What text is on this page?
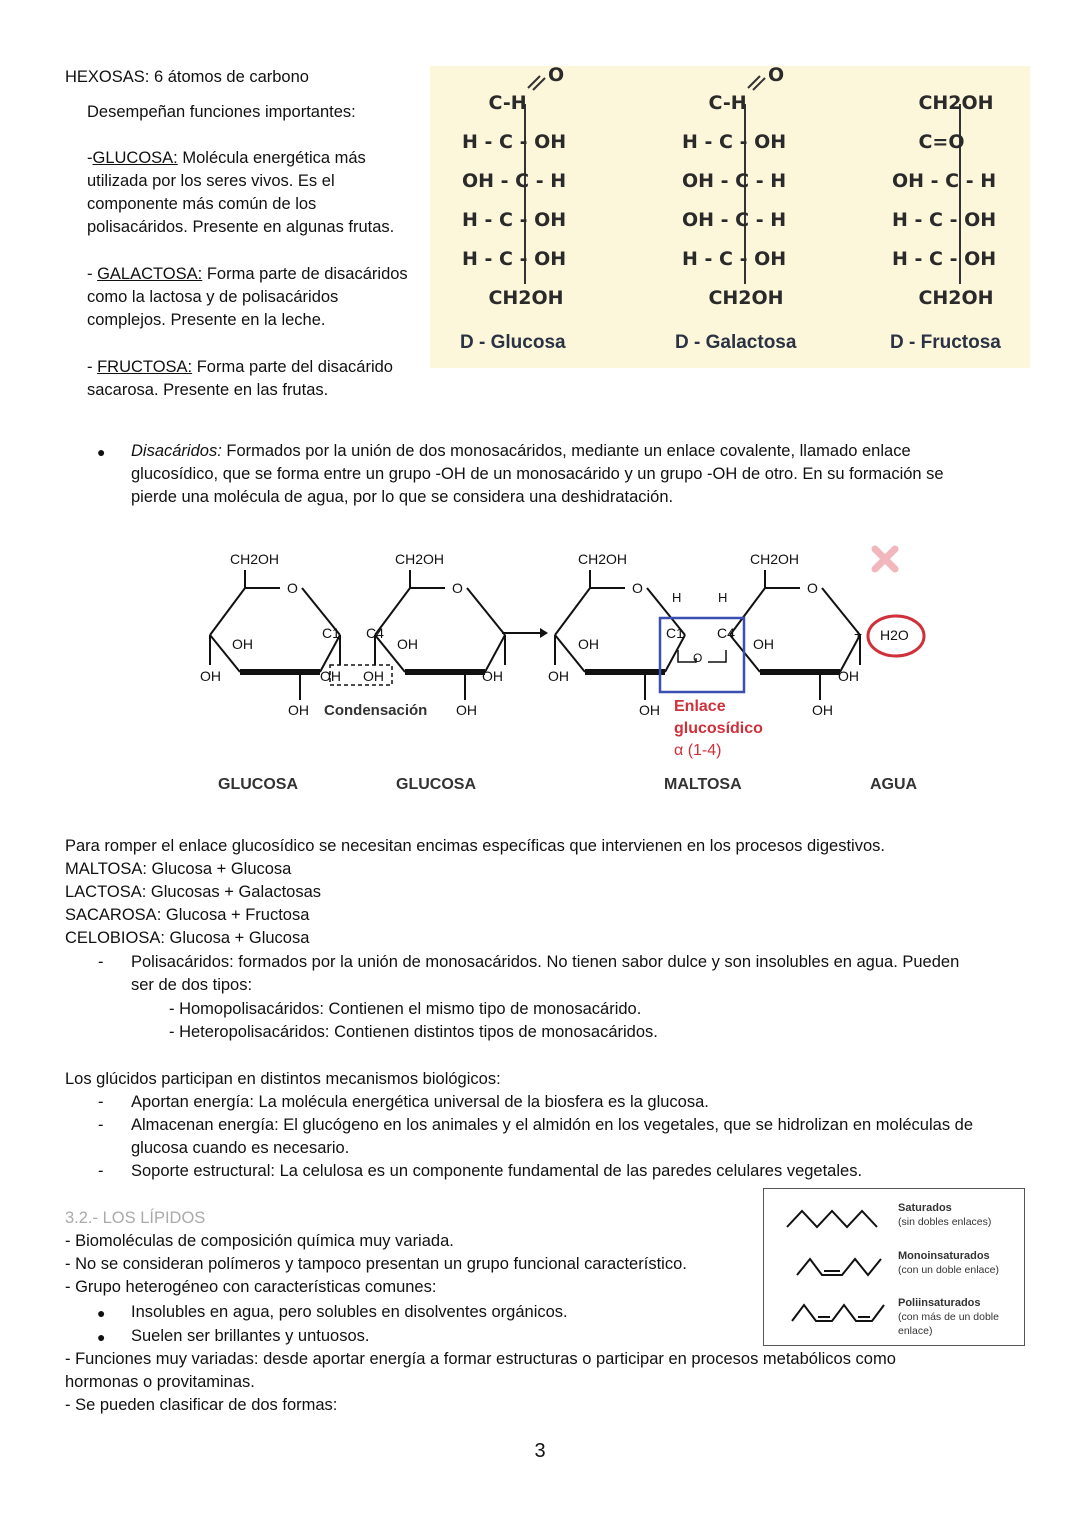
HEXOSAS: 6 átomos de carbono
Desempeñan funciones importantes:
-GLUCOSA: Molécula energética más
utilizada por los seres vivos. Es el
componente más común de los
polisacáridos. Presente en algunas frutas.
- GALACTOSA: Forma parte de disacáridos
como la lactosa y de polisacáridos
complejos. Presente en la leche.
- FRUCTOSA: Forma parte del disacárido
sacarosa. Presente en las frutas.
O	O
C-H
H - C - OH
OH - C - H
H - C - OH
H - C - OH
CH2OH
C-H
H - C - OH
OH - C - H
OH - C - H
H - C - OH
CH2OH
CH2OH
C=O
OH - C - H
H - C - OH
H - C - OH
CH2OH
D - Glucosa	D - Galactosa	D - Fructosa
● Disacáridos: Formados por la unión de dos monosacáridos, mediante un enlace covalente, llamado enlace
glucosídico, que se forma entre un grupo -OH de un monosacárido y un grupo -OH de otro. En su formación se
pierde una molécula de agua, por lo que se considera una deshidratación.
CH2OH	CH2OH	CH2OH	CH2OH
O	O	O	O
OH
OH
C1 C4
OH
OH OH	OH
OH Condensación OH
OH
OH
H	H
C1 C4
O
OH
OH
OH	OH
Enlace
glucosídico
α (1-4)
+ H2O
GLUCOSA	GLUCOSA	MALTOSA	AGUA
Para romper el enlace glucosídico se necesitan encimas específicas que intervienen en los procesos digestivos.
MALTOSA: Glucosa + Glucosa
LACTOSA: Glucosas + Galactosas
SACAROSA: Glucosa + Fructosa
CELOBIOSA: Glucosa + Glucosa
- Polisacáridos: formados por la unión de monosacáridos. No tienen sabor dulce y son insolubles en agua. Pueden
ser de dos tipos:
- Homopolisacáridos: Contienen el mismo tipo de monosacárido.
- Heteropolisacáridos: Contienen distintos tipos de monosacáridos.
Los glúcidos participan en distintos mecanismos biológicos:
- Aportan energía: La molécula energética universal de la biosfera es la glucosa.
- Almacenan energía: El glucógeno en los animales y el almidón en los vegetales, que se hidrolizan en moléculas de
glucosa cuando es necesario.
- Soporte estructural: La celulosa es un componente fundamental de las paredes celulares vegetales.
3.2.- LOS LÍPIDOS
- Biomoléculas de composición química muy variada.
- No se consideran polímeros y tampoco presentan un grupo funcional característico.
- Grupo heterogéneo con características comunes:
● Insolubles en agua, pero solubles en disolventes orgánicos.
● Suelen ser brillantes y untuosos.
- Funciones muy variadas: desde aportar energía a formar estructuras o participar en procesos metabólicos como
hormonas o provitaminas.
- Se pueden clasificar de dos formas:
Saturados
(sin dobles enlaces)
Monoinsaturados
(con un doble enlace)
Poliinsaturados
(con más de un doble
enlace)
3
